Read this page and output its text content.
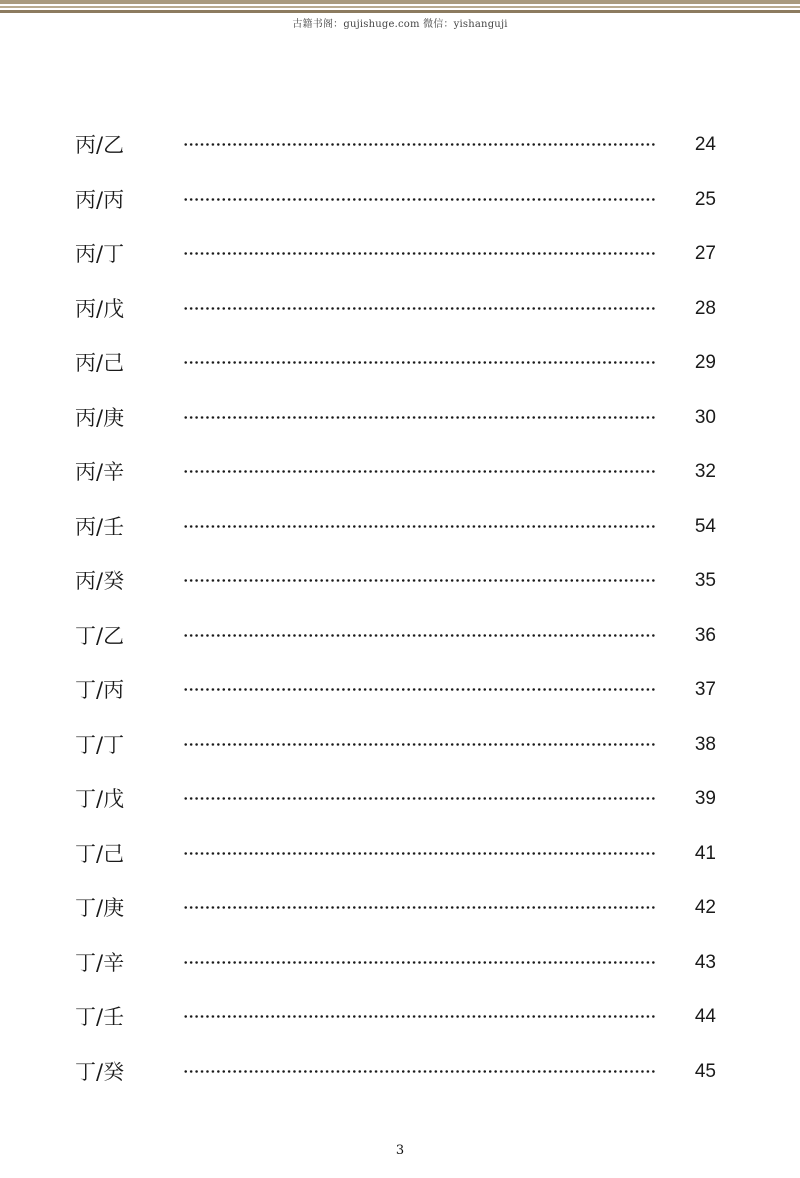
古籍书阁：gujishuge.com 微信：yishanguji
丙/乙	24
丙/丙	25
丙/丁	27
丙/戊	28
丙/己	29
丙/庚	30
丙/辛	32
丙/壬	54
丙/癸	35
丁/乙	36
丁/丙	37
丁/丁	38
丁/戊	39
丁/己	41
丁/庚	42
丁/辛	43
丁/壬	44
丁/癸	45
3
